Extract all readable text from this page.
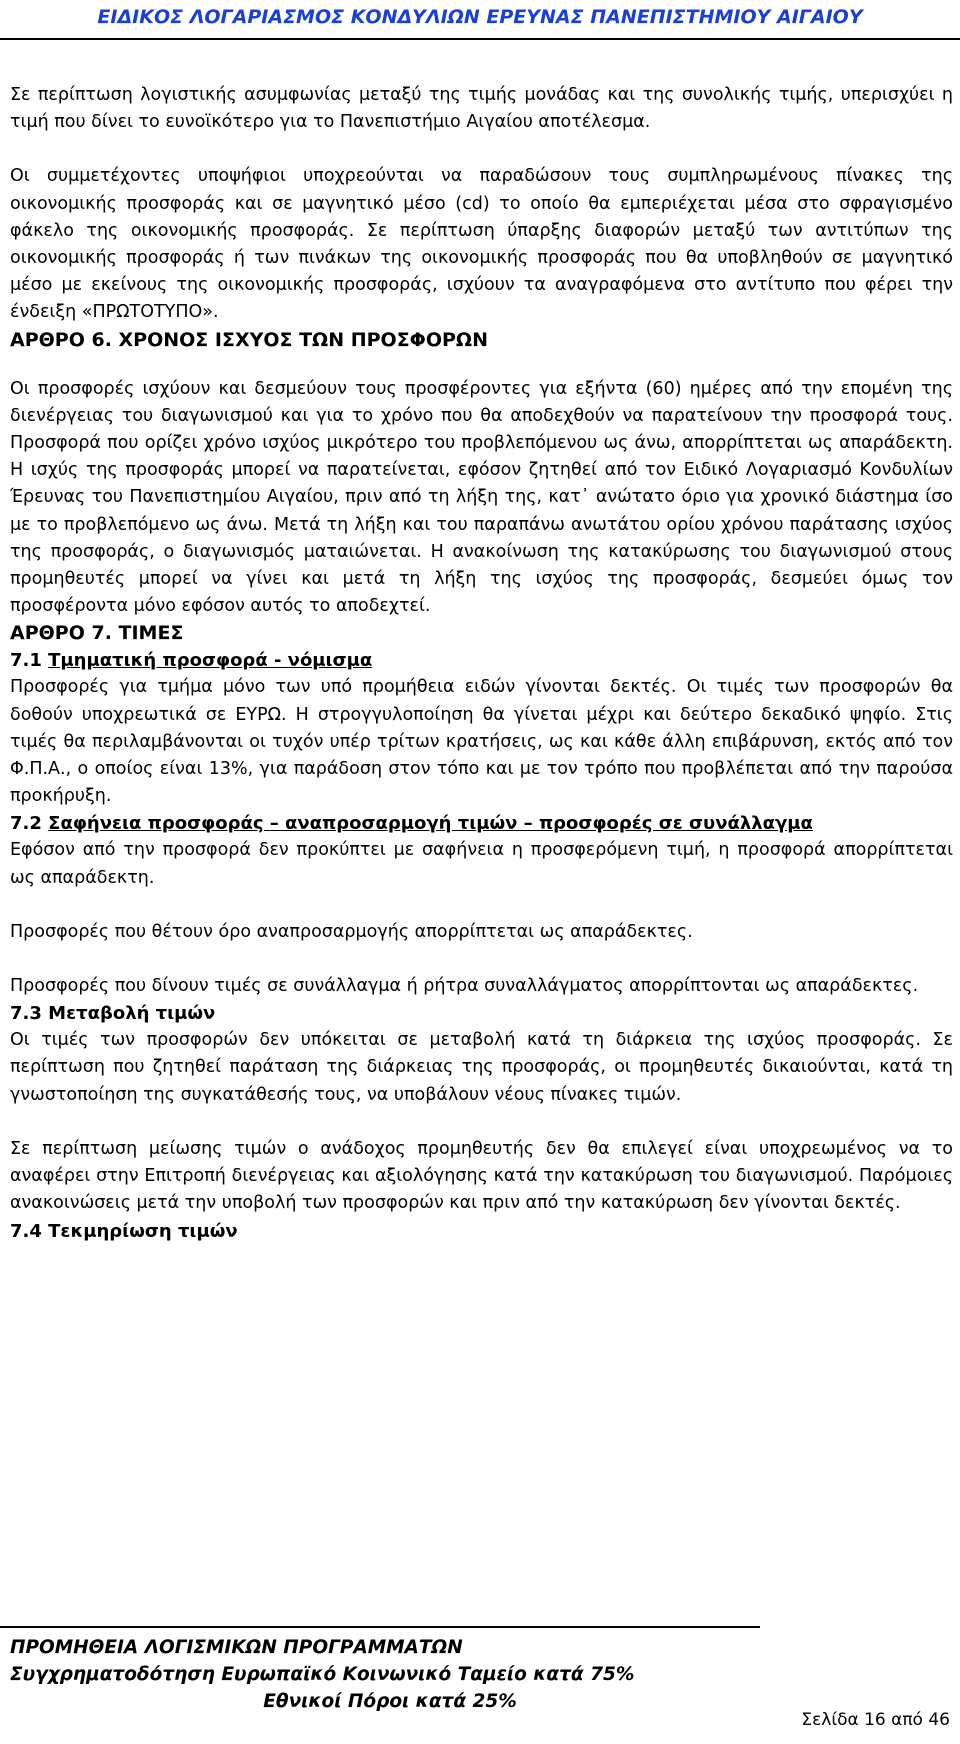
ΕΙΔΙΚΟΣ ΛΟΓΑΡΙΑΣΜΟΣ ΚΟΝΔΥΛΙΩΝ ΕΡΕΥΝΑΣ ΠΑΝΕΠΙΣΤΗΜΙΟΥ ΑΙΓΑΙΟΥ

Σε περίπτωση λογιστικής ασυμφωνίας μεταξύ της τιμής μονάδας και της συνολικής τιμής, υπερισχύει η τιμή που δίνει το ευνοϊκότερο για το Πανεπιστήμιο Αιγαίου αποτέλεσμα.

Οι συμμετέχοντες υποψήφιοι υποχρεούνται να παραδώσουν τους συμπληρωμένους πίνακες της οικονομικής προσφοράς και σε μαγνητικό μέσο (cd) το οποίο θα εμπεριέχεται μέσα στο σφραγισμένο φάκελο της οικονομικής προσφοράς. Σε περίπτωση ύπαρξης διαφορών μεταξύ των αντιτύπων της οικονομικής προσφοράς ή των πινάκων της οικονομικής προσφοράς που θα υποβληθούν σε μαγνητικό μέσο με εκείνους της οικονομικής προσφοράς, ισχύουν τα αναγραφόμενα στο αντίτυπο που φέρει την ένδειξη «ΠΡΩΤΟΤΥΠΟ».

ΑΡΘΡΟ 6. ΧΡΟΝΟΣ ΙΣΧΥΟΣ ΤΩΝ ΠΡΟΣΦΟΡΩΝ

Οι προσφορές ισχύουν και δεσμεύουν τους προσφέροντες για εξήντα (60) ημέρες από την επομένη της διενέργειας του διαγωνισμού και για το χρόνο που θα αποδεχθούν να παρατείνουν την προσφορά τους. Προσφορά που ορίζει χρόνο ισχύος μικρότερο του προβλεπόμενου ως άνω, απορρίπτεται ως απαράδεκτη. Η ισχύς της προσφοράς μπορεί να παρατείνεται, εφόσον ζητηθεί από τον Ειδικό Λογαριασμό Κονδυλίων Έρευνας του Πανεπιστημίου Αιγαίου, πριν από τη λήξη της, κατ᾽ ανώτατο όριο για χρονικό διάστημα ίσο με το προβλεπόμενο ως άνω. Μετά τη λήξη και του παραπάνω ανωτάτου ορίου χρόνου παράτασης ισχύος της προσφοράς, ο διαγωνισμός ματαιώνεται. Η ανακοίνωση της κατακύρωσης του διαγωνισμού στους προμηθευτές μπορεί να γίνει και μετά τη λήξη της ισχύος της προσφοράς, δεσμεύει όμως τον προσφέροντα μόνο εφόσον αυτός το αποδεχτεί.

ΑΡΘΡΟ 7. ΤΙΜΕΣ

7.1 Τμηματική προσφορά - νόμισμα

Προσφορές για τμήμα μόνο των υπό προμήθεια ειδών γίνονται δεκτές. Οι τιμές των προσφορών θα δοθούν υποχρεωτικά σε ΕΥΡΩ. Η στρογγυλοποίηση θα γίνεται μέχρι και δεύτερο δεκαδικό ψηφίο. Στις τιμές θα περιλαμβάνονται οι τυχόν υπέρ τρίτων κρατήσεις, ως και κάθε άλλη επιβάρυνση, εκτός από τον Φ.Π.Α., ο οποίος είναι 13%, για παράδοση στον τόπο και με τον τρόπο που προβλέπεται από την παρούσα προκήρυξη.

7.2 Σαφήνεια προσφοράς – αναπροσαρμογή τιμών – προσφορές σε συνάλλαγμα

Εφόσον από την προσφορά δεν προκύπτει με σαφήνεια η προσφερόμενη τιμή, η προσφορά απορρίπτεται ως απαράδεκτη.

Προσφορές που θέτουν όρο αναπροσαρμογής απορρίπτεται ως απαράδεκτες.

Προσφορές που δίνουν τιμές σε συνάλλαγμα ή ρήτρα συναλλάγματος απορρίπτονται ως απαράδεκτες.

7.3 Μεταβολή τιμών

Οι τιμές των προσφορών δεν υπόκειται σε μεταβολή κατά τη διάρκεια της ισχύος προσφοράς. Σε περίπτωση που ζητηθεί παράταση της διάρκειας της προσφοράς, οι προμηθευτές δικαιούνται, κατά τη γνωστοποίηση της συγκατάθεσής τους, να υποβάλουν νέους πίνακες τιμών.

Σε περίπτωση μείωσης τιμών ο ανάδοχος προμηθευτής δεν θα επιλεγεί είναι υποχρεωμένος να το αναφέρει στην Επιτροπή διενέργειας και αξιολόγησης κατά την κατακύρωση του διαγωνισμού. Παρόμοιες ανακοινώσεις μετά την υποβολή των προσφορών και πριν από την κατακύρωση δεν γίνονται δεκτές.

7.4 Τεκμηρίωση τιμών

ΠΡΟΜΗΘΕΙΑ ΛΟΓΙΣΜΙΚΩΝ ΠΡΟΓΡΑΜΜΑΤΩΝ
Συγχρηματοδότηση Ευρωπαϊκό Κοινωνικό Ταμείο κατά 75%
Εθνικοί Πόροι κατά 25%
Σελίδα 16 από 46
